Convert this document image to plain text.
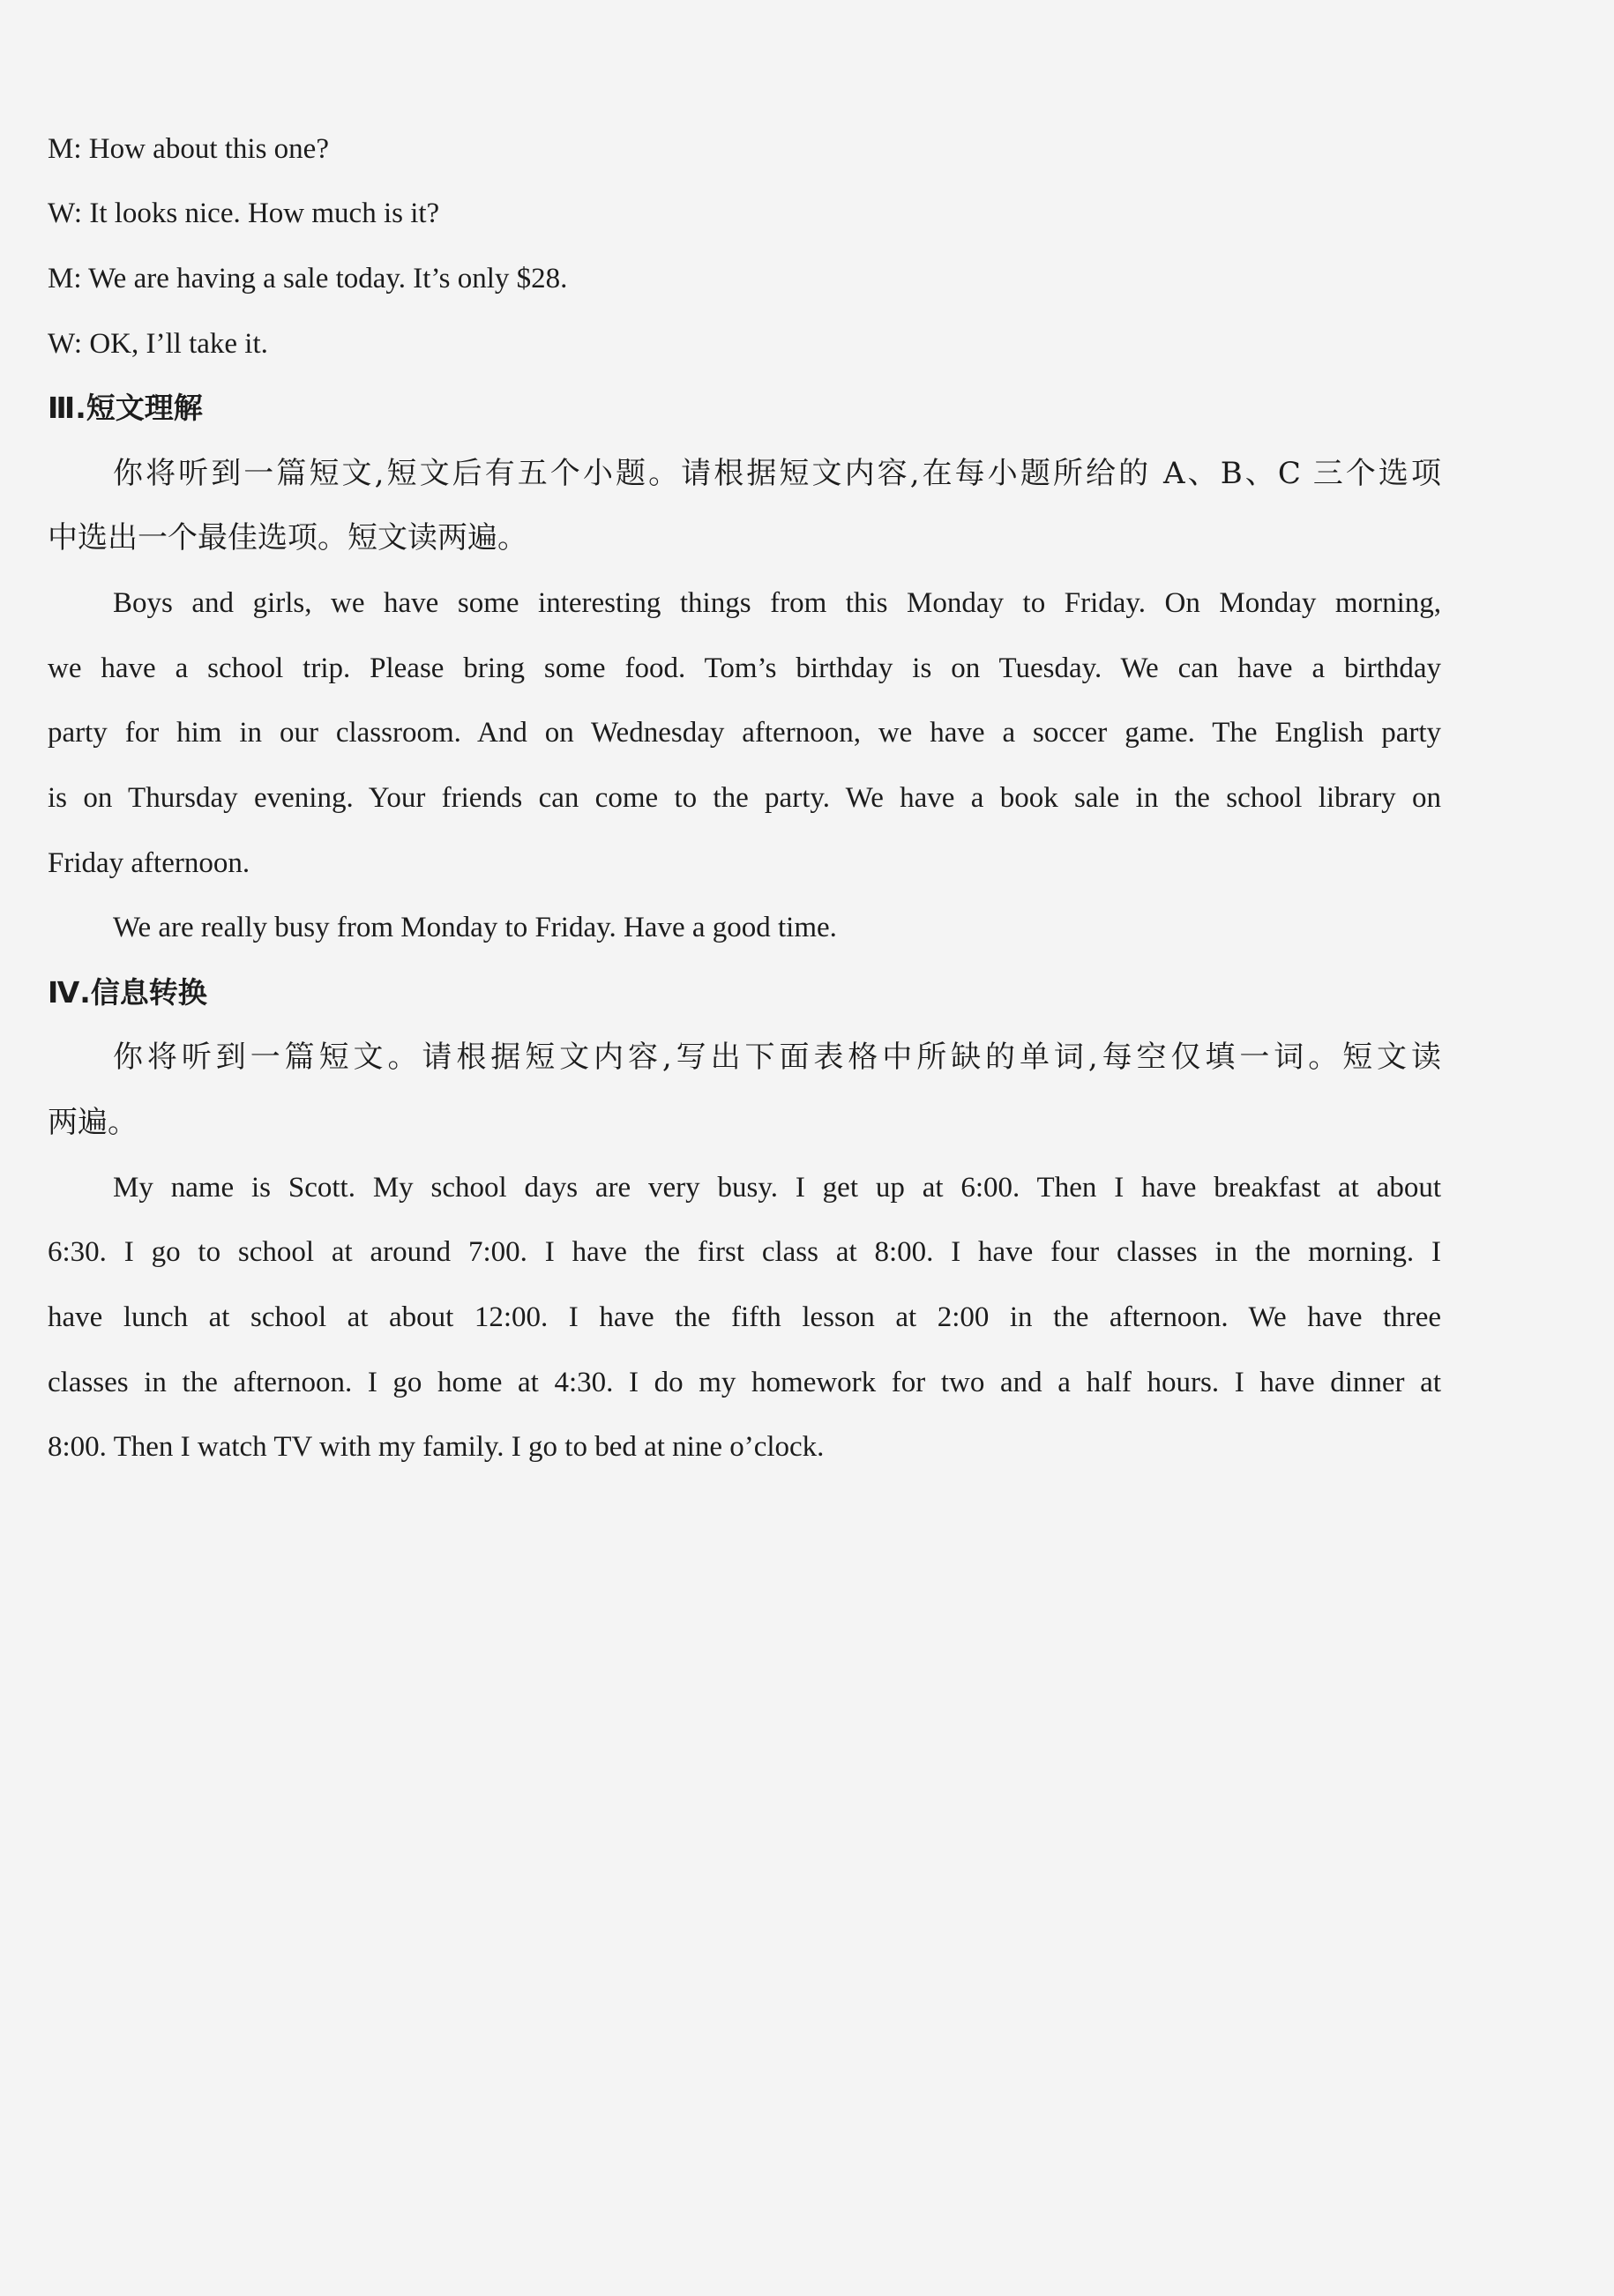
M: How about this one?
W: It looks nice. How much is it?
M: We are having a sale today. It’s only $28.
W: OK, I’ll take it.
Ⅲ.短文理解
你将听到一篇短文,短文后有五个小题。请根据短文内容,在每小题所给的 A、B、C 三个选项
中选出一个最佳选项。短文读两遍。
Boys and girls, we have some interesting things from this Monday to Friday. On Monday morning,
we have a school trip. Please bring some food. Tom’s birthday is on Tuesday. We can have a birthday
party for him in our classroom. And on Wednesday afternoon, we have a soccer game. The English party
is on Thursday evening. Your friends can come to the party. We have a book sale in the school library on
Friday afternoon.
We are really busy from Monday to Friday. Have a good time.
Ⅳ.信息转换
你将听到一篇短文。请根据短文内容,写出下面表格中所缺的单词,每空仅填一词。短文读
两遍。
My name is Scott. My school days are very busy. I get up at 6:00. Then I have breakfast at about
6:30. I go to school at around 7:00. I have the first class at 8:00. I have four classes in the morning. I
have lunch at school at about 12:00. I have the fifth lesson at 2:00 in the afternoon. We have three
classes in the afternoon. I go home at 4:30. I do my homework for two and a half hours. I have dinner at
8:00. Then I watch TV with my family. I go to bed at nine o’clock.
